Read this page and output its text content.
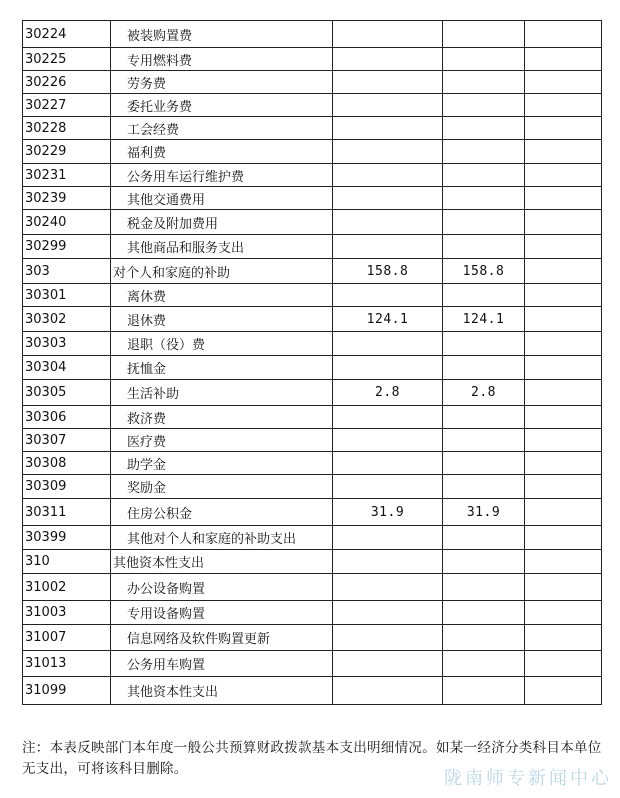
30224	被装购置费			
30225	专用燃料费			
30226	劳务费			
30227	委托业务费			
30228	工会经费			
30229	福利费			
30231	公务用车运行维护费			
30239	其他交通费用			
30240	税金及附加费用			
30299	其他商品和服务支出			
303	对个人和家庭的补助	158.8	158.8	
30301	离休费			
30302	退休费	124.1	124.1	
30303	退职（役）费			
30304	抚恤金			
30305	生活补助	2.8	2.8	
30306	救济费			
30307	医疗费			
30308	助学金			
30309	奖励金			
30311	住房公积金	31.9	31.9	
30399	其他对个人和家庭的补助支出			
310	其他资本性支出			
31002	办公设备购置			
31003	专用设备购置			
31007	信息网络及软件购置更新			
31013	公务用车购置			
31099	其他资本性支出			
注：本表反映部门本年度一般公共预算财政拨款基本支出明细情况。如某一经济分类科目本单位无支出，可将该科目删除。	陇南师专新闻中心
